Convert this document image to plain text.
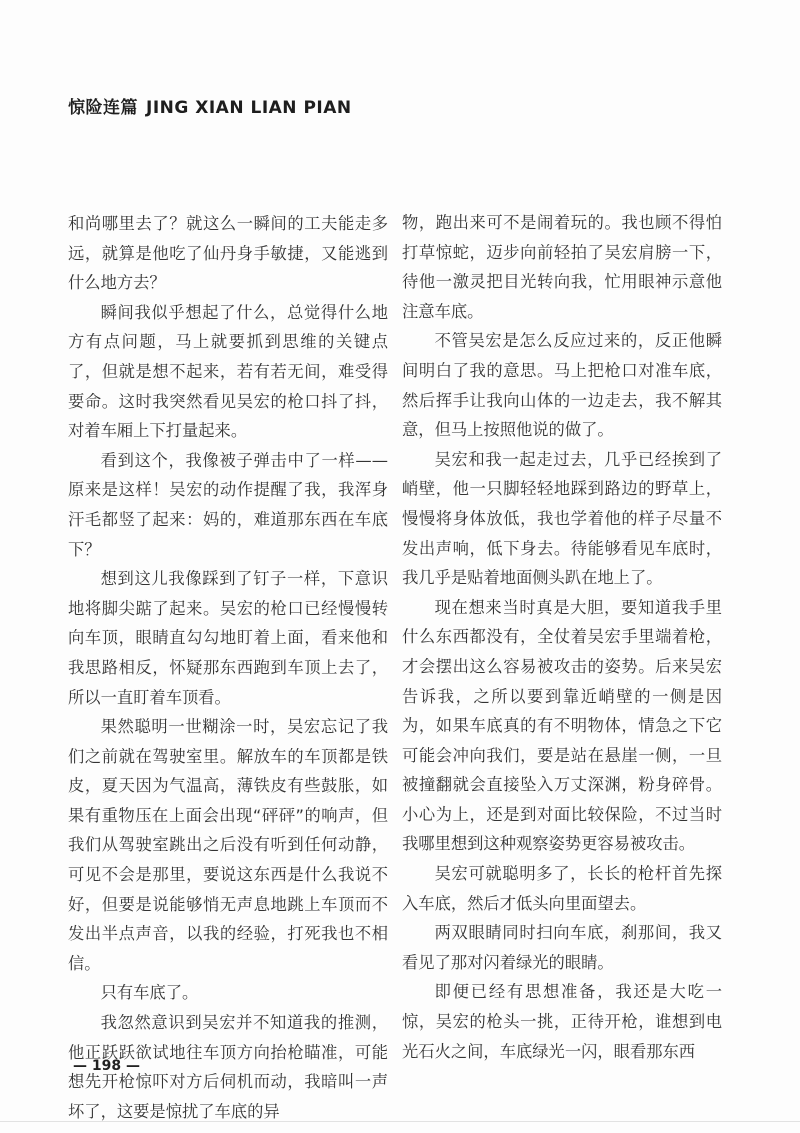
惊险连篇 JING XIAN LIAN PIAN

和尚哪里去了？就这么一瞬间的工夫能走多远，就算是他吃了仙丹身手敏捷，又能逃到什么地方去？

瞬间我似乎想起了什么，总觉得什么地方有点问题，马上就要抓到思维的关键点了，但就是想不起来，若有若无间，难受得要命。这时我突然看见吴宏的枪口抖了抖，对着车厢上下打量起来。

看到这个，我像被子弹击中了一样——原来是这样！吴宏的动作提醒了我，我浑身汗毛都竖了起来：妈的，难道那东西在车底下？

想到这儿我像踩到了钉子一样，下意识地将脚尖踮了起来。吴宏的枪口已经慢慢转向车顶，眼睛直勾勾地盯着上面，看来他和我思路相反，怀疑那东西跑到车顶上去了，所以一直盯着车顶看。

果然聪明一世糊涂一时，吴宏忘记了我们之前就在驾驶室里。解放车的车顶都是铁皮，夏天因为气温高，薄铁皮有些鼓胀，如果有重物压在上面会出现“砰砰”的响声，但我们从驾驶室跳出之后没有听到任何动静，可见不会是那里，要说这东西是什么我说不好，但要是说能够悄无声息地跳上车顶而不发出半点声音，以我的经验，打死我也不相信。

只有车底了。

我忽然意识到吴宏并不知道我的推测，他正跃跃欲试地往车顶方向抬枪瞄准，可能想先开枪惊吓对方后伺机而动，我暗叫一声坏了，这要是惊扰了车底的异

物，跑出来可不是闹着玩的。我也顾不得怕打草惊蛇，迈步向前轻拍了吴宏肩膀一下，待他一激灵把目光转向我，忙用眼神示意他注意车底。

不管吴宏是怎么反应过来的，反正他瞬间明白了我的意思。马上把枪口对准车底，然后挥手让我向山体的一边走去，我不解其意，但马上按照他说的做了。

吴宏和我一起走过去，几乎已经挨到了峭壁，他一只脚轻轻地踩到路边的野草上，慢慢将身体放低，我也学着他的样子尽量不发出声响，低下身去。待能够看见车底时，我几乎是贴着地面侧头趴在地上了。

现在想来当时真是大胆，要知道我手里什么东西都没有，全仗着吴宏手里端着枪，才会摆出这么容易被攻击的姿势。后来吴宏告诉我，之所以要到靠近峭壁的一侧是因为，如果车底真的有不明物体，情急之下它可能会冲向我们，要是站在悬崖一侧，一旦被撞翻就会直接坠入万丈深渊，粉身碎骨。小心为上，还是到对面比较保险，不过当时我哪里想到这种观察姿势更容易被攻击。

吴宏可就聪明多了，长长的枪杆首先探入车底，然后才低头向里面望去。

两双眼睛同时扫向车底，刹那间，我又看见了那对闪着绿光的眼睛。

即便已经有思想准备，我还是大吃一惊，吴宏的枪头一挑，正待开枪，谁想到电光石火之间，车底绿光一闪，眼看那东西

— 198 —
